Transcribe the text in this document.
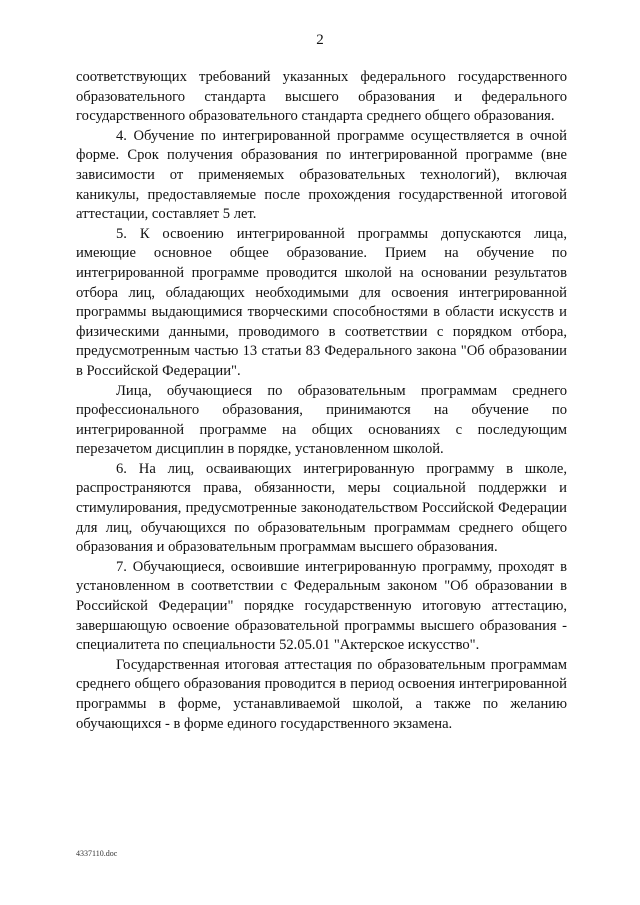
2

соответствующих требований указанных федерального государственного образовательного стандарта высшего образования и федерального государственного образовательного стандарта среднего общего образования.

4. Обучение по интегрированной программе осуществляется в очной форме. Срок получения образования по интегрированной программе (вне зависимости от применяемых образовательных технологий), включая каникулы, предоставляемые после прохождения государственной итоговой аттестации, составляет 5 лет.

5. К освоению интегрированной программы допускаются лица, имеющие основное общее образование. Прием на обучение по интегрированной программе проводится школой на основании результатов отбора лиц, обладающих необходимыми для освоения интегрированной программы выдающимися творческими способностями в области искусств и физическими данными, проводимого в соответствии с порядком отбора, предусмотренным частью 13 статьи 83 Федерального закона "Об образовании в Российской Федерации".

Лица, обучающиеся по образовательным программам среднего профессионального образования, принимаются на обучение по интегрированной программе на общих основаниях с последующим перезачетом дисциплин в порядке, установленном школой.

6. На лиц, осваивающих интегрированную программу в школе, распространяются права, обязанности, меры социальной поддержки и стимулирования, предусмотренные законодательством Российской Федерации для лиц, обучающихся по образовательным программам среднего общего образования и образовательным программам высшего образования.

7. Обучающиеся, освоившие интегрированную программу, проходят в установленном в соответствии с Федеральным законом "Об образовании в Российской Федерации" порядке государственную итоговую аттестацию, завершающую освоение образовательной программы высшего образования - специалитета по специальности 52.05.01 "Актерское искусство".

Государственная итоговая аттестация по образовательным программам среднего общего образования проводится в период освоения интегрированной программы в форме, устанавливаемой школой, а также по желанию обучающихся - в форме единого государственного экзамена.

4337110.doc
